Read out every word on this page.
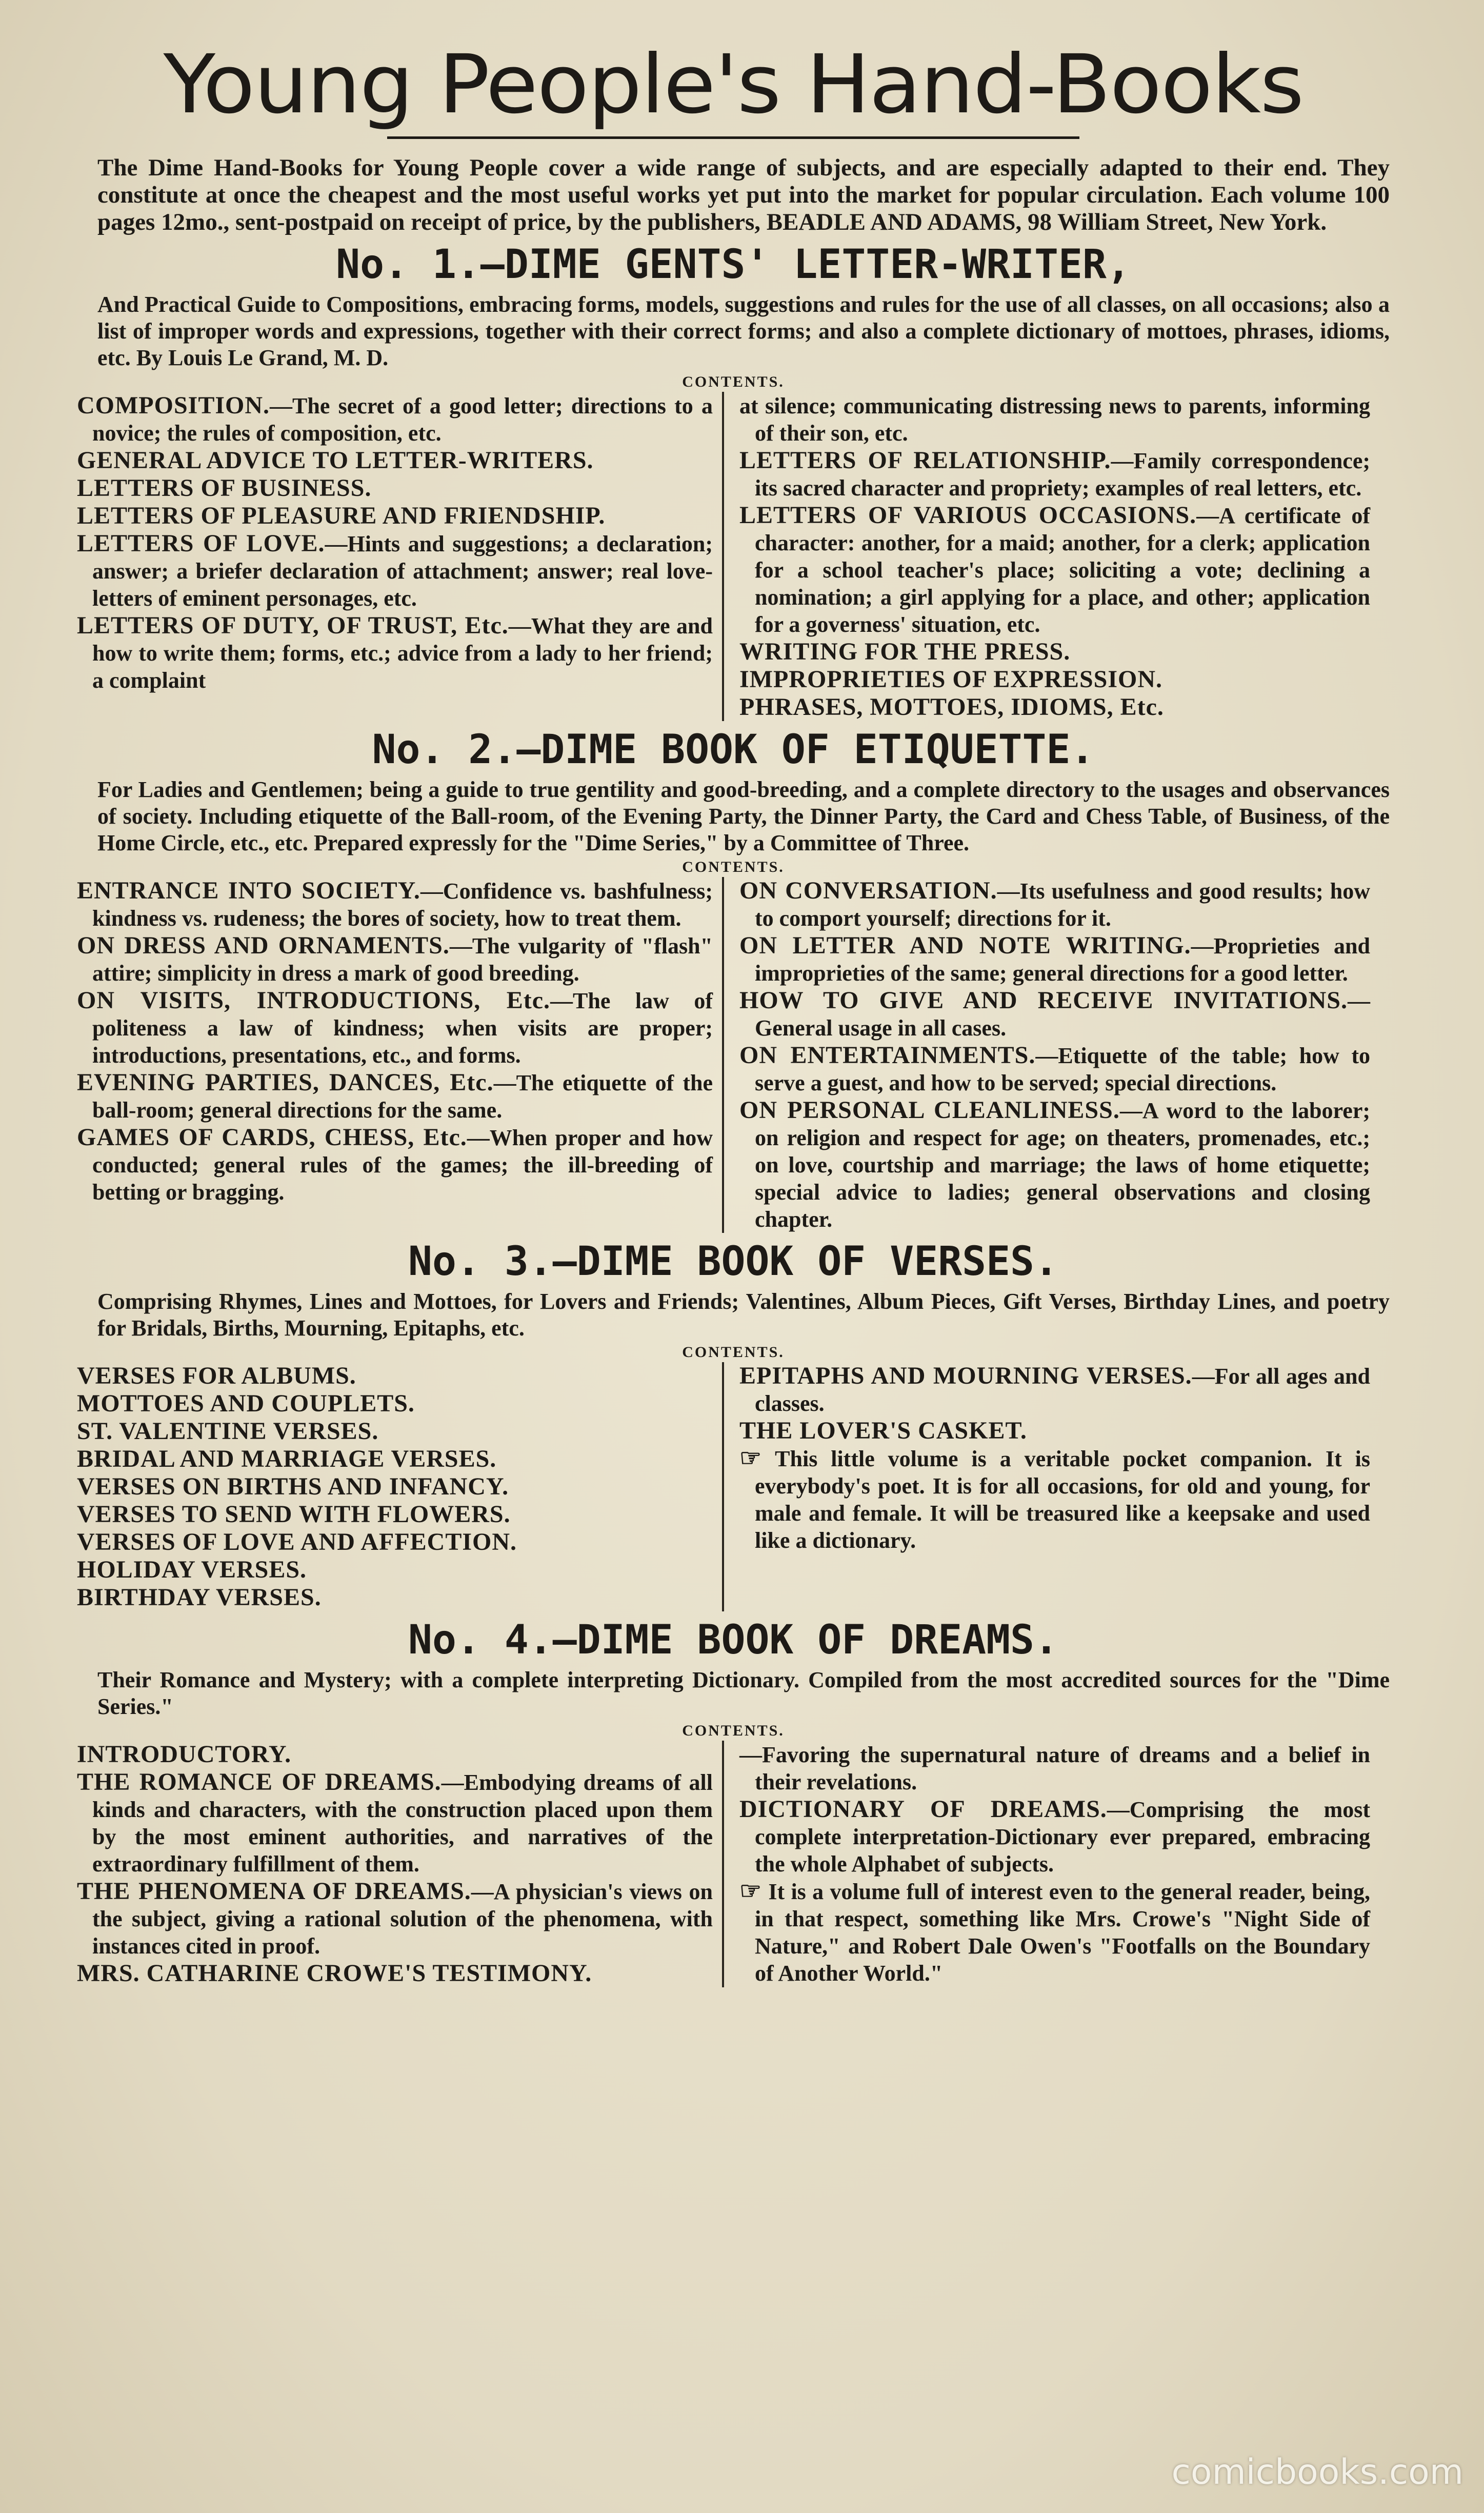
Young People's Hand-Books

The Dime Hand-Books for Young People cover a wide range of subjects, and are especially adapted to their end. They constitute at once the cheapest and the most useful works yet put into the market for popular circulation. Each volume 100 pages 12mo., sent-postpaid on receipt of price, by the publishers, BEADLE AND ADAMS, 98 William Street, New York.

No. 1.—DIME GENTS' LETTER-WRITER,

And Practical Guide to Compositions, embracing forms, models, suggestions and rules for the use of all classes, on all occasions; also a list of improper words and expressions, together with their correct forms; and also a complete dictionary of mottoes, phrases, idioms, etc. By Louis Le Grand, M. D.

CONTENTS.

COMPOSITION.—The secret of a good letter; directions to a novice; the rules of composition, etc.

GENERAL ADVICE TO LETTER-WRITERS.

LETTERS OF BUSINESS.

LETTERS OF PLEASURE AND FRIENDSHIP.

LETTERS OF LOVE.—Hints and suggestions; a declaration; answer; a briefer declaration of attachment; answer; real love-letters of eminent personages, etc.

LETTERS OF DUTY, OF TRUST, Etc.—What they are and how to write them; forms, etc.; advice from a lady to her friend; a complaint

at silence; communicating distressing news to parents, informing of their son, etc.

LETTERS OF RELATIONSHIP.—Family correspondence; its sacred character and propriety; examples of real letters, etc.

LETTERS OF VARIOUS OCCASIONS.—A certificate of character: another, for a maid; another, for a clerk; application for a school teacher's place; soliciting a vote; declining a nomination; a girl applying for a place, and other; application for a governess' situation, etc.

WRITING FOR THE PRESS.

IMPROPRIETIES OF EXPRESSION.

PHRASES, MOTTOES, IDIOMS, Etc.

No. 2.—DIME BOOK OF ETIQUETTE.

For Ladies and Gentlemen; being a guide to true gentility and good-breeding, and a complete directory to the usages and observances of society. Including etiquette of the Ball-room, of the Evening Party, the Dinner Party, the Card and Chess Table, of Business, of the Home Circle, etc., etc. Prepared expressly for the "Dime Series," by a Committee of Three.

CONTENTS.

ENTRANCE INTO SOCIETY.—Confidence vs. bashfulness; kindness vs. rudeness; the bores of society, how to treat them.

ON DRESS AND ORNAMENTS.—The vulgarity of "flash" attire; simplicity in dress a mark of good breeding.

ON VISITS, INTRODUCTIONS, Etc.—The law of politeness a law of kindness; when visits are proper; introductions, presentations, etc., and forms.

EVENING PARTIES, DANCES, Etc.—The etiquette of the ball-room; general directions for the same.

GAMES OF CARDS, CHESS, Etc.—When proper and how conducted; general rules of the games; the ill-breeding of betting or bragging.

ON CONVERSATION.—Its usefulness and good results; how to comport yourself; directions for it.

ON LETTER AND NOTE WRITING.—Proprieties and improprieties of the same; general directions for a good letter.

HOW TO GIVE AND RECEIVE INVITATIONS.—General usage in all cases.

ON ENTERTAINMENTS.—Etiquette of the table; how to serve a guest, and how to be served; special directions.

ON PERSONAL CLEANLINESS.—A word to the laborer; on religion and respect for age; on theaters, promenades, etc.; on love, courtship and marriage; the laws of home etiquette; special advice to ladies; general observations and closing chapter.

No. 3.—DIME BOOK OF VERSES.

Comprising Rhymes, Lines and Mottoes, for Lovers and Friends; Valentines, Album Pieces, Gift Verses, Birthday Lines, and poetry for Bridals, Births, Mourning, Epitaphs, etc.

CONTENTS.

VERSES FOR ALBUMS.

MOTTOES AND COUPLETS.

ST. VALENTINE VERSES.

BRIDAL AND MARRIAGE VERSES.

VERSES ON BIRTHS AND INFANCY.

VERSES TO SEND WITH FLOWERS.

VERSES OF LOVE AND AFFECTION.

HOLIDAY VERSES.

BIRTHDAY VERSES.

EPITAPHS AND MOURNING VERSES.—For all ages and classes.

THE LOVER'S CASKET.

☞ This little volume is a veritable pocket companion. It is everybody's poet. It is for all occasions, for old and young, for male and female. It will be treasured like a keepsake and used like a dictionary.

No. 4.—DIME BOOK OF DREAMS.

Their Romance and Mystery; with a complete interpreting Dictionary. Compiled from the most accredited sources for the "Dime Series."

CONTENTS.

INTRODUCTORY.

THE ROMANCE OF DREAMS.—Embodying dreams of all kinds and characters, with the construction placed upon them by the most eminent authorities, and narratives of the extraordinary fulfillment of them.

THE PHENOMENA OF DREAMS.—A physician's views on the subject, giving a rational solution of the phenomena, with instances cited in proof.

MRS. CATHARINE CROWE'S TESTIMONY.

—Favoring the supernatural nature of dreams and a belief in their revelations.

DICTIONARY OF DREAMS.—Comprising the most complete interpretation-Dictionary ever prepared, embracing the whole Alphabet of subjects.

☞ It is a volume full of interest even to the general reader, being, in that respect, something like Mrs. Crowe's "Night Side of Nature," and Robert Dale Owen's "Footfalls on the Boundary of Another World."

comicbooks.com
